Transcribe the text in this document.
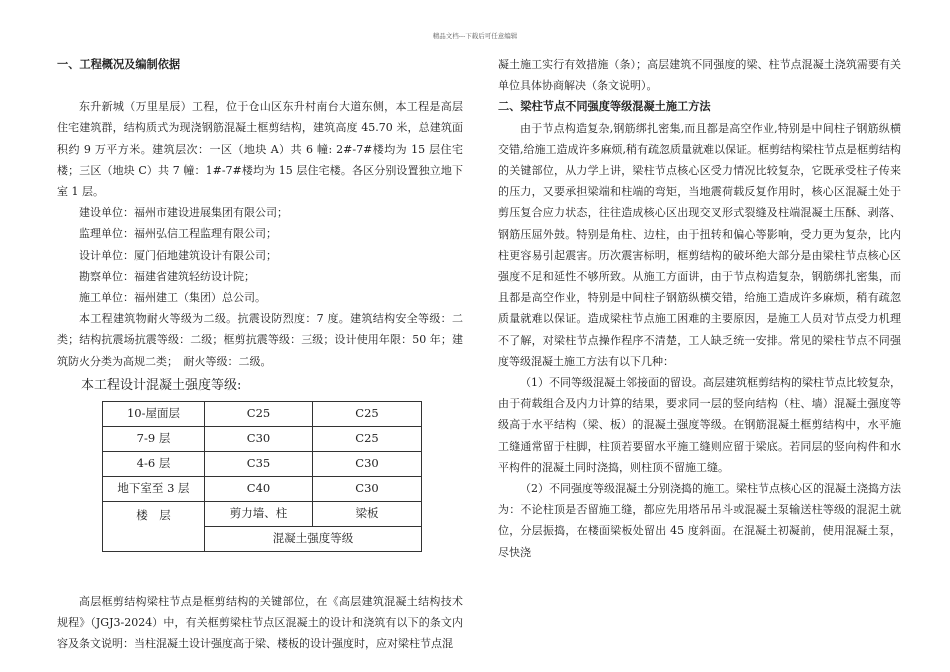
精品文档---下载后可任意编辑
一、工程概况及编制依据

东升新城（万里星辰）工程，位于仓山区东升村南台大道东侧，本工程是高层住宅建筑群，结构质式为现浇钢筋混凝土框剪结构，建筑高度 45.70 米，总建筑面积约 9 万平方米。建筑层次：一区（地块 A）共 6 幢: 2#-7#楼均为 15 层住宅楼；三区（地块 C）共 7 幢：1#-7#楼均为 15 层住宅楼。各区分别设置独立地下室 1 层。

建设单位：福州市建设进展集团有限公司；

监理单位：福州弘信工程监理有限公司；

设计单位：厦门佰地建筑设计有限公司；

勘察单位：福建省建筑轻纺设计院；

施工单位：福州建工（集团）总公司。

本工程建筑物耐火等级为二级。抗震设防烈度：7 度。建筑结构安全等级：二类；结构抗震场抗震等级：二级；框剪抗震等级：三级；设计使用年限：50 年；建筑防火分类为高规二类；　耐火等级：二级。

本工程设计混凝土强度等级:
10-屋面层	C25	C25
7-9 层	C30	C25
4-6 层	C35	C30
地下室至 3 层	C40	C30
楼　层	剪力墙、柱	梁板
	混凝土强度等级	

高层框剪结构梁柱节点是框剪结构的关键部位，在《高层建筑混凝土结构技术规程》（JGJ3-2024）中，有关框剪梁柱节点区混凝土的设计和浇筑有以下的条文内容及条文说明：当柱混凝土设计强度高于梁、楼板的设计强度时，应对梁柱节点混

凝土施工实行有效措施（条）；高层建筑不同强度的梁、柱节点混凝土浇筑需要有关单位具体协商解决（条文说明）。

二、梁柱节点不同强度等级混凝土施工方法

由于节点构造复杂,钢筋绑扎密集,而且都是高空作业,特别是中间柱子钢筋纵横交错,给施工造成许多麻烦,稍有疏忽质量就难以保证。框剪结构梁柱节点是框剪结构的关键部位，从力学上讲，梁柱节点核心区受力情况比较复杂，它既承受柱子传来的压力，又要承担梁端和柱端的弯矩，当地震荷载反复作用时，核心区混凝土处于剪压复合应力状态，往往造成核心区出现交叉形式裂缝及柱端混凝土压酥、剥落、钢筋压屈外鼓。特别是角柱、边柱，由于扭转和偏心等影响，受力更为复杂，比内柱更容易引起震害。历次震害标明，框剪结构的破坏绝大部分是由梁柱节点核心区强度不足和延性不够所致。从施工方面讲，由于节点构造复杂，钢筋绑扎密集，而且都是高空作业，特别是中间柱子钢筋纵横交错，给施工造成许多麻烦，稍有疏忽质量就难以保证。造成梁柱节点施工困难的主要原因，是施工人员对节点受力机理不了解，对梁柱节点操作程序不清楚，工人缺乏统一安排。常见的梁柱节点不同强度等级混凝土施工方法有以下几种：

（1）不同等级混凝土邻接面的留设。高层建筑框剪结构的梁柱节点比较复杂，由于荷载组合及内力计算的结果，要求同一层的竖向结构（柱、墙）混凝土强度等级高于水平结构（梁、板）的混凝土强度等级。在钢筋混凝土框剪结构中，水平施工缝通常留于柱脚，柱顶若要留水平施工缝则应留于梁底。若同层的竖向构件和水平构件的混凝土同时浇捣，则柱顶不留施工缝。

（2）不同强度等级混凝土分别浇捣的施工。梁柱节点核心区的混凝土浇捣方法为：不论柱顶是否留施工缝，都应先用塔吊吊斗或混凝土泵输送柱等级的混泥土就位，分层振捣，在楼面梁板处留出 45 度斜面。在混凝土初凝前，使用混凝土泵，尽快浇
